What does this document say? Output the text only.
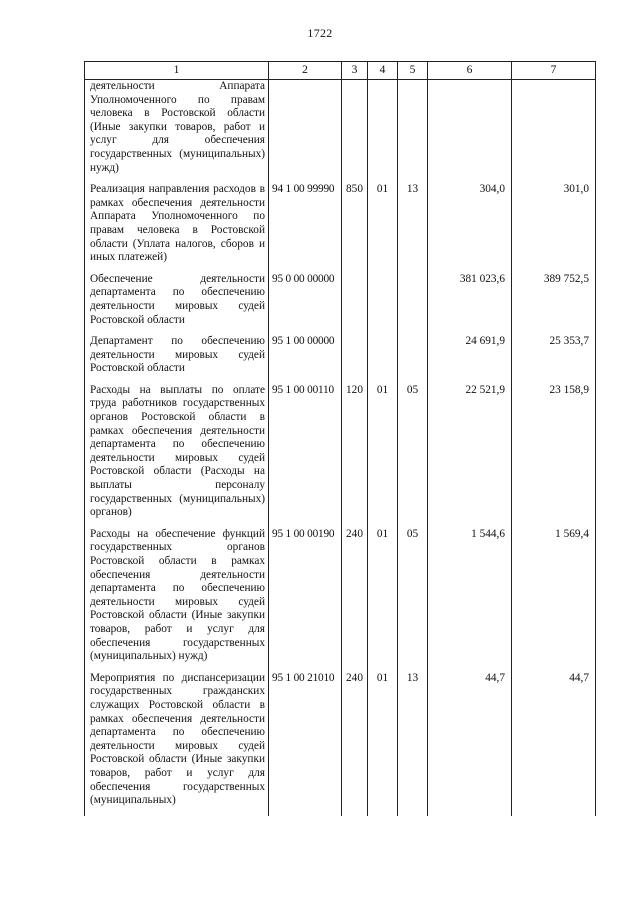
1722
1	2	3	4	5	6	7
деятельности Аппарата Уполномоченного по правам человека в Ростовской области (Иные закупки товаров, работ и услуг для обеспечения государственных (муниципальных) нужд)						
Реализация направления расходов в рамках обеспечения деятельности Аппарата Уполномоченного по правам человека в Ростовской области (Уплата налогов, сборов и иных платежей)	94 1 00 99990	850	01	13	304,0	301,0
Обеспечение деятельности департамента по обеспечению деятельности мировых судей Ростовской области	95 0 00 00000				381 023,6	389 752,5
Департамент по обеспечению деятельности мировых судей Ростовской области	95 1 00 00000				24 691,9	25 353,7
Расходы на выплаты по оплате труда работников государственных органов Ростовской области в рамках обеспечения деятельности департамента по обеспечению деятельности мировых судей Ростовской области (Расходы на выплаты персоналу государственных (муниципальных) органов)	95 1 00 00110	120	01	05	22 521,9	23 158,9
Расходы на обеспечение функций государственных органов Ростовской области в рамках обеспечения деятельности департамента по обеспечению деятельности мировых судей Ростовской области (Иные закупки товаров, работ и услуг для обеспечения государственных (муниципальных) нужд)	95 1 00 00190	240	01	05	1 544,6	1 569,4
Мероприятия по диспансеризации государственных гражданских служащих Ростовской области в рамках обеспечения деятельности департамента по обеспечению деятельности мировых судей Ростовской области (Иные закупки товаров, работ и услуг для обеспечения государственных (муниципальных)	95 1 00 21010	240	01	13	44,7	44,7
